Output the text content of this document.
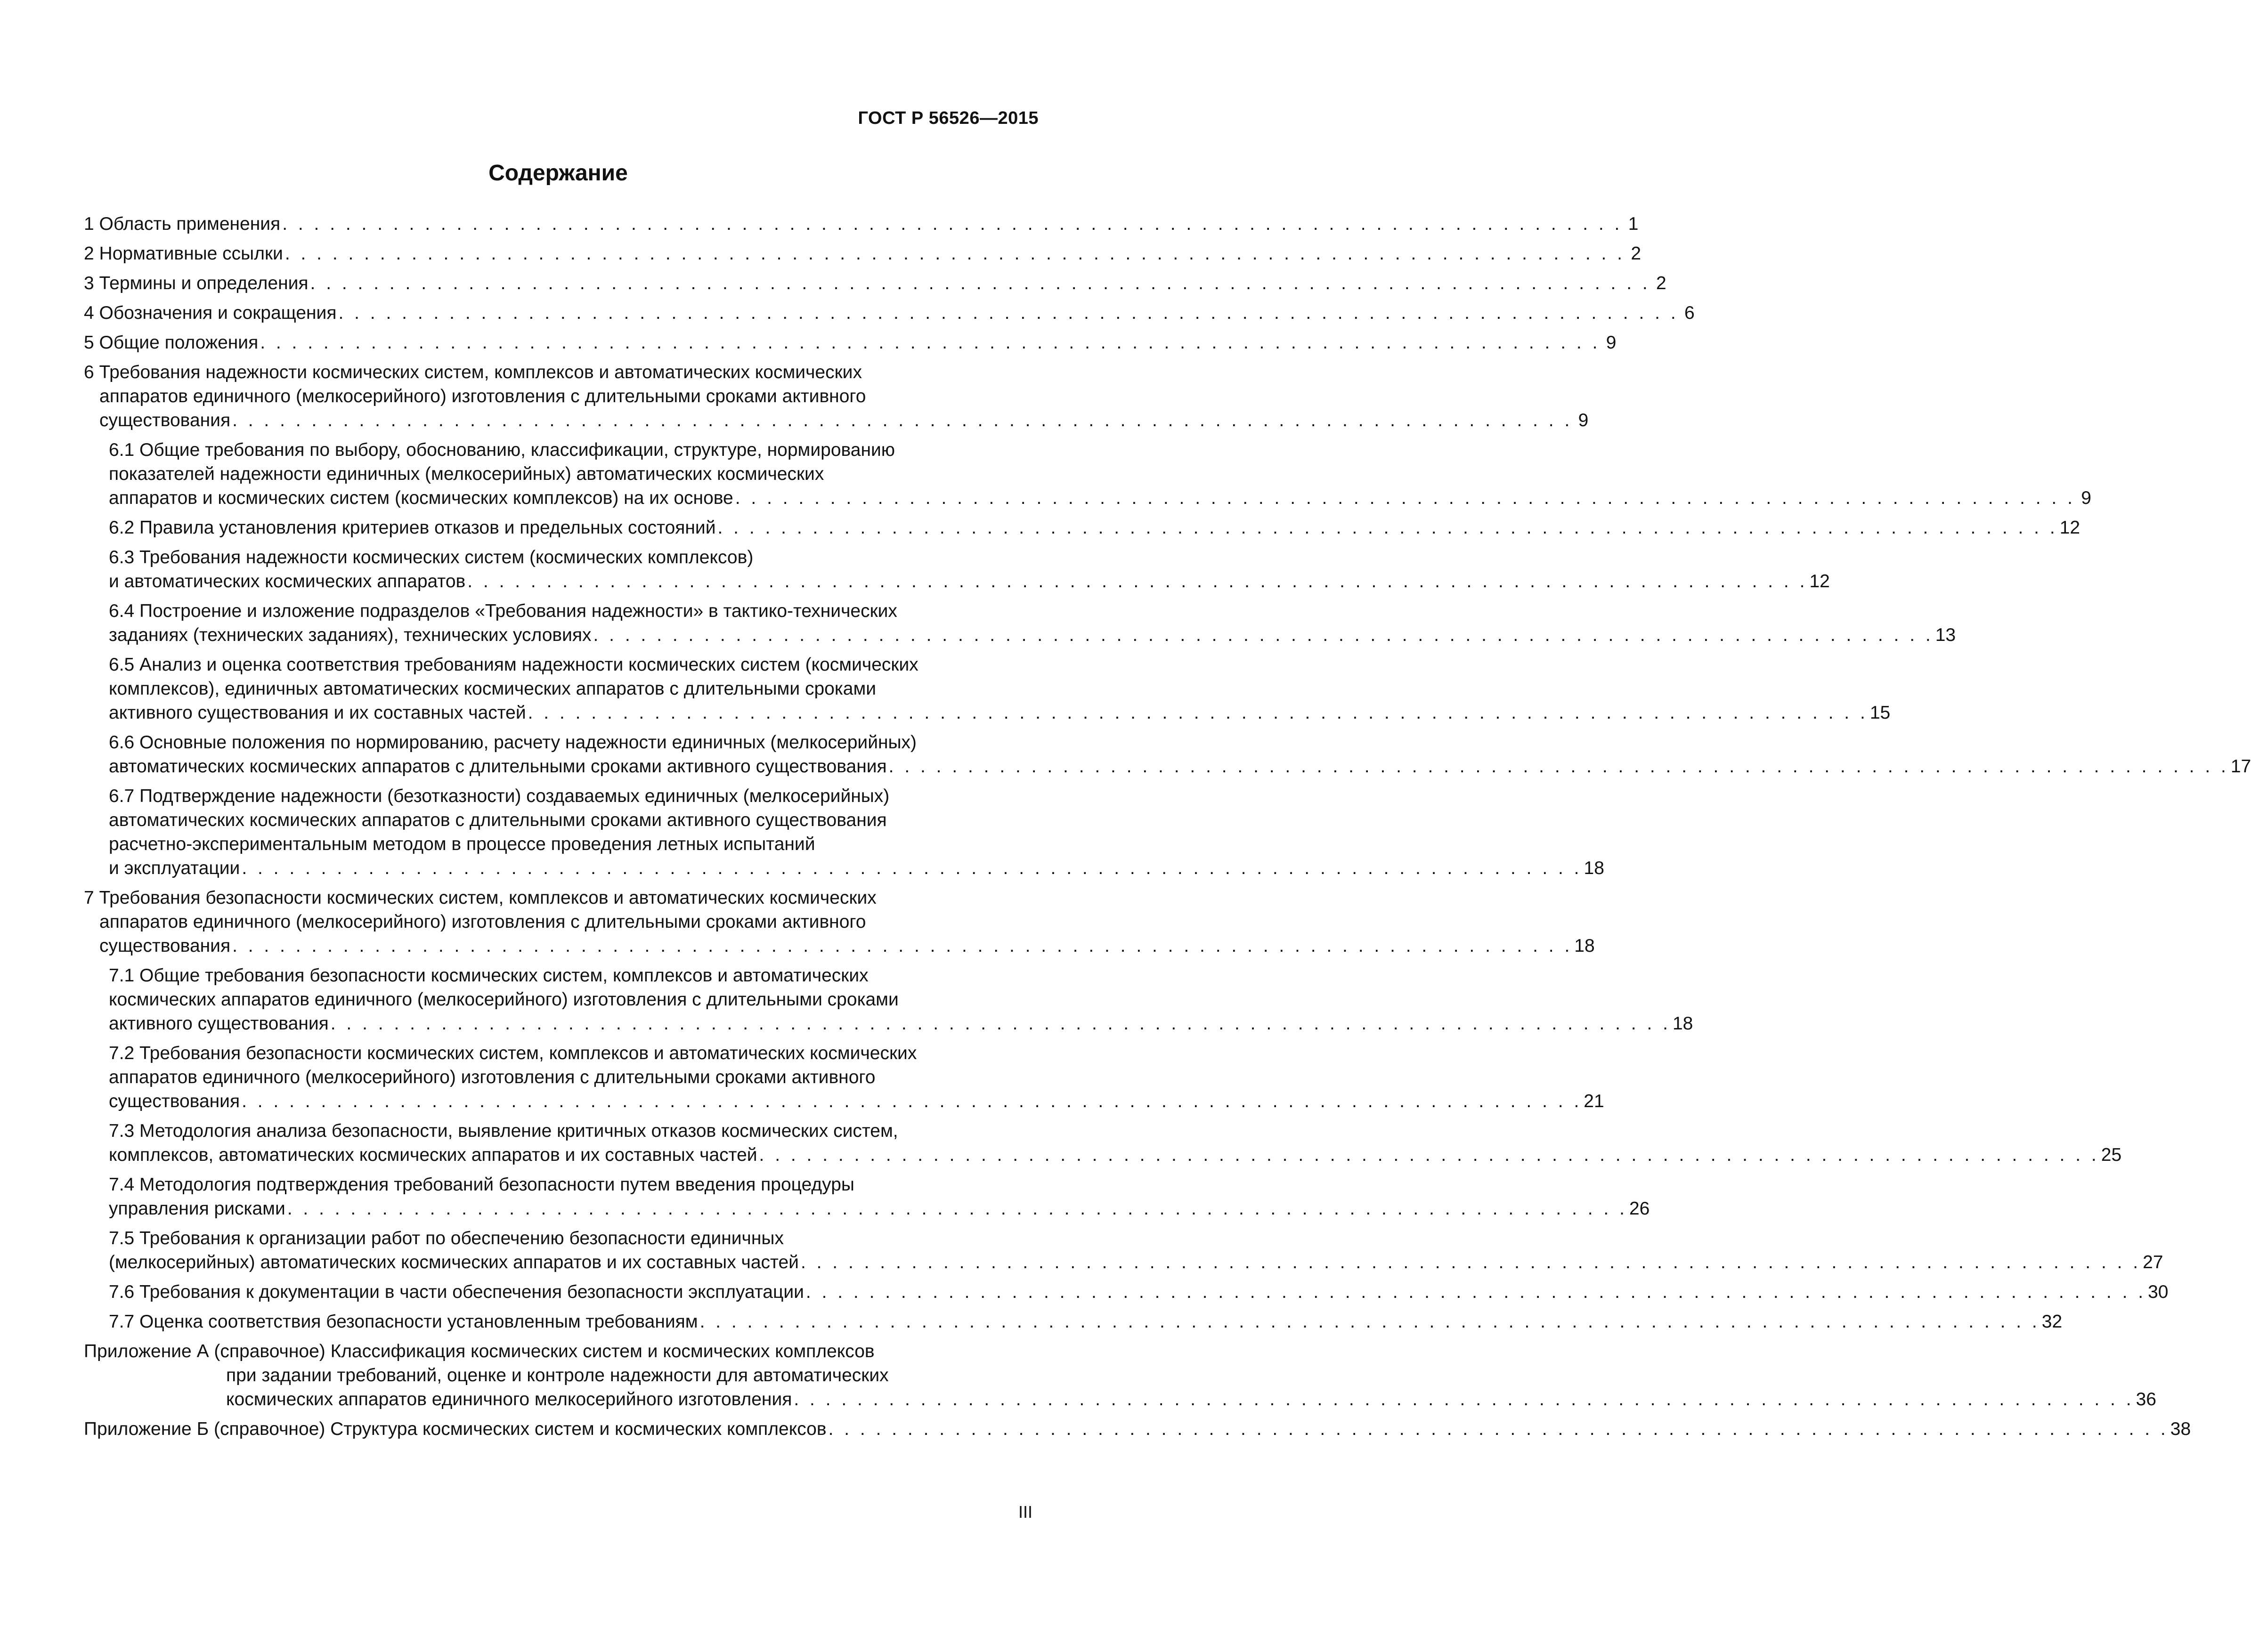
ГОСТ Р 56526—2015
Содержание
1 Область применения . . . . . . . . . . . . . . . . . . . . . . . . . . . . . . . . . . . . . . . . . . . . . . . . . . . . . . . . . . . . . . . . . . . . . . . . . . . . . . . . . . . . . 1
2 Нормативные ссылки . . . . . . . . . . . . . . . . . . . . . . . . . . . . . . . . . . . . . . . . . . . . . . . . . . . . . . . . . . . . . . . . . . . . . . . . . . . . . . . . . . . . . 2
3 Термины и определения . . . . . . . . . . . . . . . . . . . . . . . . . . . . . . . . . . . . . . . . . . . . . . . . . . . . . . . . . . . . . . . . . . . . . . . . . . . . . . . . . . . . . 2
4 Обозначения и сокращения . . . . . . . . . . . . . . . . . . . . . . . . . . . . . . . . . . . . . . . . . . . . . . . . . . . . . . . . . . . . . . . . . . . . . . . . . . . . . . . . . . . . . 6
5 Общие положения . . . . . . . . . . . . . . . . . . . . . . . . . . . . . . . . . . . . . . . . . . . . . . . . . . . . . . . . . . . . . . . . . . . . . . . . . . . . . . . . . . . . . 9
6 Требования надежности космических систем, комплексов и автоматических космических
аппаратов единичного (мелкосерийного) изготовления с длительными сроками активного
существования . . . . . . . . . . . . . . . . . . . . . . . . . . . . . . . . . . . . . . . . . . . . . . . . . . . . . . . . . . . . . . . . . . . . . . . . . . . . . . . . . . . . . 9
6.1 Общие требования по выбору, обоснованию, классификации, структуре, нормированию
показателей надежности единичных (мелкосерийных) автоматических космических
аппаратов и космических систем (космических комплексов) на их основе . . . . . . . . . . . . . . . . . . . . . . . . . . . . . . . . . . . . . . . . . . . . . . . . . . . . . . . . . . . . . . . . . . . . . . . . . . . . . . . . . . . . . 9
6.2 Правила установления критериев отказов и предельных состояний . . . . . . . . . . . . . . . . . . . . . . . . . . . . . . . . . . . . . . . . . . . . . . . . . . . . . . . . . . . . . . . . . . . . . . . . . . . . . . . . . . . . . 12
6.3 Требования надежности космических систем (космических комплексов)
и автоматических космических аппаратов . . . . . . . . . . . . . . . . . . . . . . . . . . . . . . . . . . . . . . . . . . . . . . . . . . . . . . . . . . . . . . . . . . . . . . . . . . . . . . . . . . . . . 12
6.4 Построение и изложение подразделов «Требования надежности» в тактико-технических
заданиях (технических заданиях), технических условиях . . . . . . . . . . . . . . . . . . . . . . . . . . . . . . . . . . . . . . . . . . . . . . . . . . . . . . . . . . . . . . . . . . . . . . . . . . . . . . . . . . . . . 13
6.5 Анализ и оценка соответствия требованиям надежности космических систем (космических
комплексов), единичных автоматических космических аппаратов с длительными сроками
активного существования и их составных частей . . . . . . . . . . . . . . . . . . . . . . . . . . . . . . . . . . . . . . . . . . . . . . . . . . . . . . . . . . . . . . . . . . . . . . . . . . . . . . . . . . . . . 15
6.6 Основные положения по нормированию, расчету надежности единичных (мелкосерийных)
автоматических космических аппаратов с длительными сроками активного существования . . . . . . . . . . . . . . . . . . . . . . . . . . . . . . . . . . . . . . . . . . . . . . . . . . . . . . . . . . . . . . . . . . . . . . . . . . . . . . . . . . . . . 17
6.7 Подтверждение надежности (безотказности) создаваемых единичных (мелкосерийных)
автоматических космических аппаратов с длительными сроками активного существования
расчетно-экспериментальным методом в процессе проведения летных испытаний
и эксплуатации . . . . . . . . . . . . . . . . . . . . . . . . . . . . . . . . . . . . . . . . . . . . . . . . . . . . . . . . . . . . . . . . . . . . . . . . . . . . . . . . . . . . . 18
7 Требования безопасности космических систем, комплексов и автоматических космических
аппаратов единичного (мелкосерийного) изготовления с длительными сроками активного
существования . . . . . . . . . . . . . . . . . . . . . . . . . . . . . . . . . . . . . . . . . . . . . . . . . . . . . . . . . . . . . . . . . . . . . . . . . . . . . . . . . . . . . 18
7.1 Общие требования безопасности космических систем, комплексов и автоматических
космических аппаратов единичного (мелкосерийного) изготовления с длительными сроками
активного существования . . . . . . . . . . . . . . . . . . . . . . . . . . . . . . . . . . . . . . . . . . . . . . . . . . . . . . . . . . . . . . . . . . . . . . . . . . . . . . . . . . . . . 18
7.2 Требования безопасности космических систем, комплексов и автоматических космических
аппаратов единичного (мелкосерийного) изготовления с длительными сроками активного
существования . . . . . . . . . . . . . . . . . . . . . . . . . . . . . . . . . . . . . . . . . . . . . . . . . . . . . . . . . . . . . . . . . . . . . . . . . . . . . . . . . . . . . 21
7.3 Методология анализа безопасности, выявление критичных отказов космических систем,
комплексов, автоматических космических аппаратов и их составных частей . . . . . . . . . . . . . . . . . . . . . . . . . . . . . . . . . . . . . . . . . . . . . . . . . . . . . . . . . . . . . . . . . . . . . . . . . . . . . . . . . . . . . 25
7.4 Методология подтверждения требований безопасности путем введения процедуры
управления рисками . . . . . . . . . . . . . . . . . . . . . . . . . . . . . . . . . . . . . . . . . . . . . . . . . . . . . . . . . . . . . . . . . . . . . . . . . . . . . . . . . . . . . 26
7.5 Требования к организации работ по обеспечению безопасности единичных
(мелкосерийных) автоматических космических аппаратов и их составных частей . . . . . . . . . . . . . . . . . . . . . . . . . . . . . . . . . . . . . . . . . . . . . . . . . . . . . . . . . . . . . . . . . . . . . . . . . . . . . . . . . . . . . 27
7.6 Требования к документации в части обеспечения безопасности эксплуатации . . . . . . . . . . . . . . . . . . . . . . . . . . . . . . . . . . . . . . . . . . . . . . . . . . . . . . . . . . . . . . . . . . . . . . . . . . . . . . . . . . . . . 30
7.7 Оценка соответствия безопасности установленным требованиям . . . . . . . . . . . . . . . . . . . . . . . . . . . . . . . . . . . . . . . . . . . . . . . . . . . . . . . . . . . . . . . . . . . . . . . . . . . . . . . . . . . . . 32
Приложение А (справочное) Классификация космических систем и космических комплексов
при задании требований, оценке и контроле надежности для автоматических
космических аппаратов единичного мелкосерийного изготовления . . . . . . . . . . . . . . . . . . . . . . . . . . . . . . . . . . . . . . . . . . . . . . . . . . . . . . . . . . . . . . . . . . . . . . . . . . . . . . . . . . . . . 36
Приложение Б (справочное) Структура космических систем и космических комплексов . . . . . . . . . . . . . . . . . . . . . . . . . . . . . . . . . . . . . . . . . . . . . . . . . . . . . . . . . . . . . . . . . . . . . . . . . . . . . . . . . . . . . 38
III
